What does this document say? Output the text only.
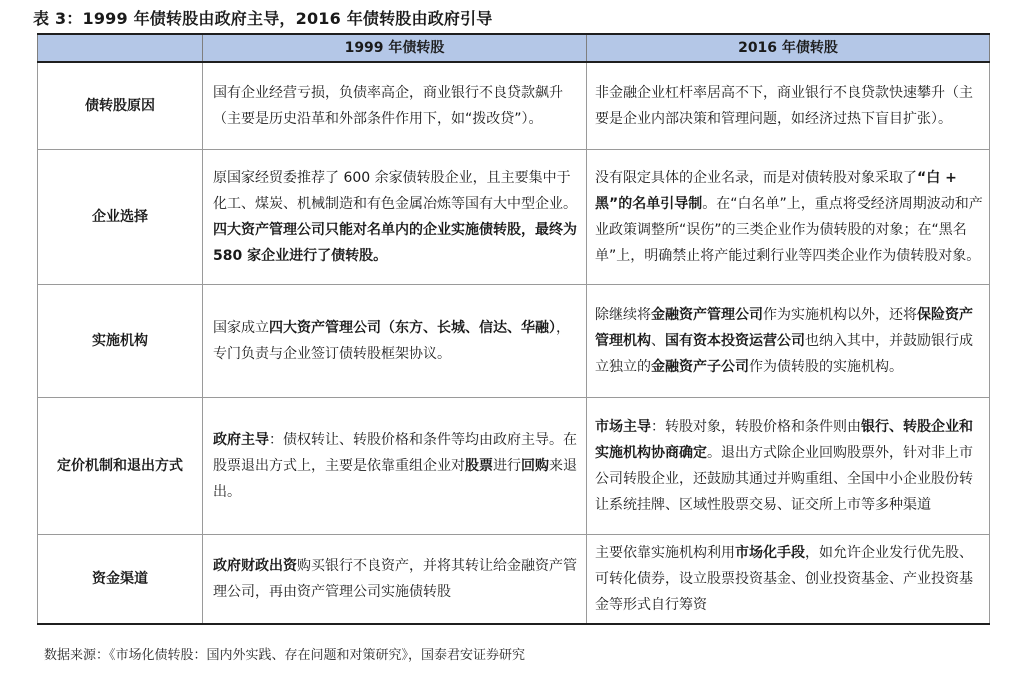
表 3：1999 年债转股由政府主导，2016 年债转股由政府引导
	1999 年债转股	2016 年债转股
债转股原因	国有企业经营亏损，负债率高企，商业银行不良贷款飙升（主要是历史沿革和外部条件作用下，如“拨改贷”）。	非金融企业杠杆率居高不下，商业银行不良贷款快速攀升（主要是企业内部决策和管理问题，如经济过热下盲目扩张）。
企业选择	原国家经贸委推荐了 600 余家债转股企业，且主要集中于化工、煤炭、机械制造和有色金属冶炼等国有大中型企业。四大资产管理公司只能对名单内的企业实施债转股，最终为 580 家企业进行了债转股。	没有限定具体的企业名录，而是对债转股对象采取了“白 + 黑”的名单引导制。在“白名单”上，重点将受经济周期波动和产业政策调整所“误伤”的三类企业作为债转股的对象；在“黑名单”上，明确禁止将产能过剩行业等四类企业作为债转股对象。
实施机构	国家成立四大资产管理公司（东方、长城、信达、华融），专门负责与企业签订债转股框架协议。	除继续将金融资产管理公司作为实施机构以外，还将保险资产管理机构、国有资本投资运营公司也纳入其中，并鼓励银行成立独立的金融资产子公司作为债转股的实施机构。
定价机制和退出方式	政府主导：债权转让、转股价格和条件等均由政府主导。在股票退出方式上，主要是依靠重组企业对股票进行回购来退出。	市场主导：转股对象，转股价格和条件则由银行、转股企业和实施机构协商确定。退出方式除企业回购股票外，针对非上市公司转股企业，还鼓励其通过并购重组、全国中小企业股份转让系统挂牌、区域性股票交易、证交所上市等多种渠道
资金渠道	政府财政出资购买银行不良资产，并将其转让给金融资产管理公司，再由资产管理公司实施债转股	主要依靠实施机构利用市场化手段，如允许企业发行优先股、可转化债券，设立股票投资基金、创业投资基金、产业投资基金等形式自行筹资
数据来源：《市场化债转股：国内外实践、存在问题和对策研究》，国泰君安证券研究
